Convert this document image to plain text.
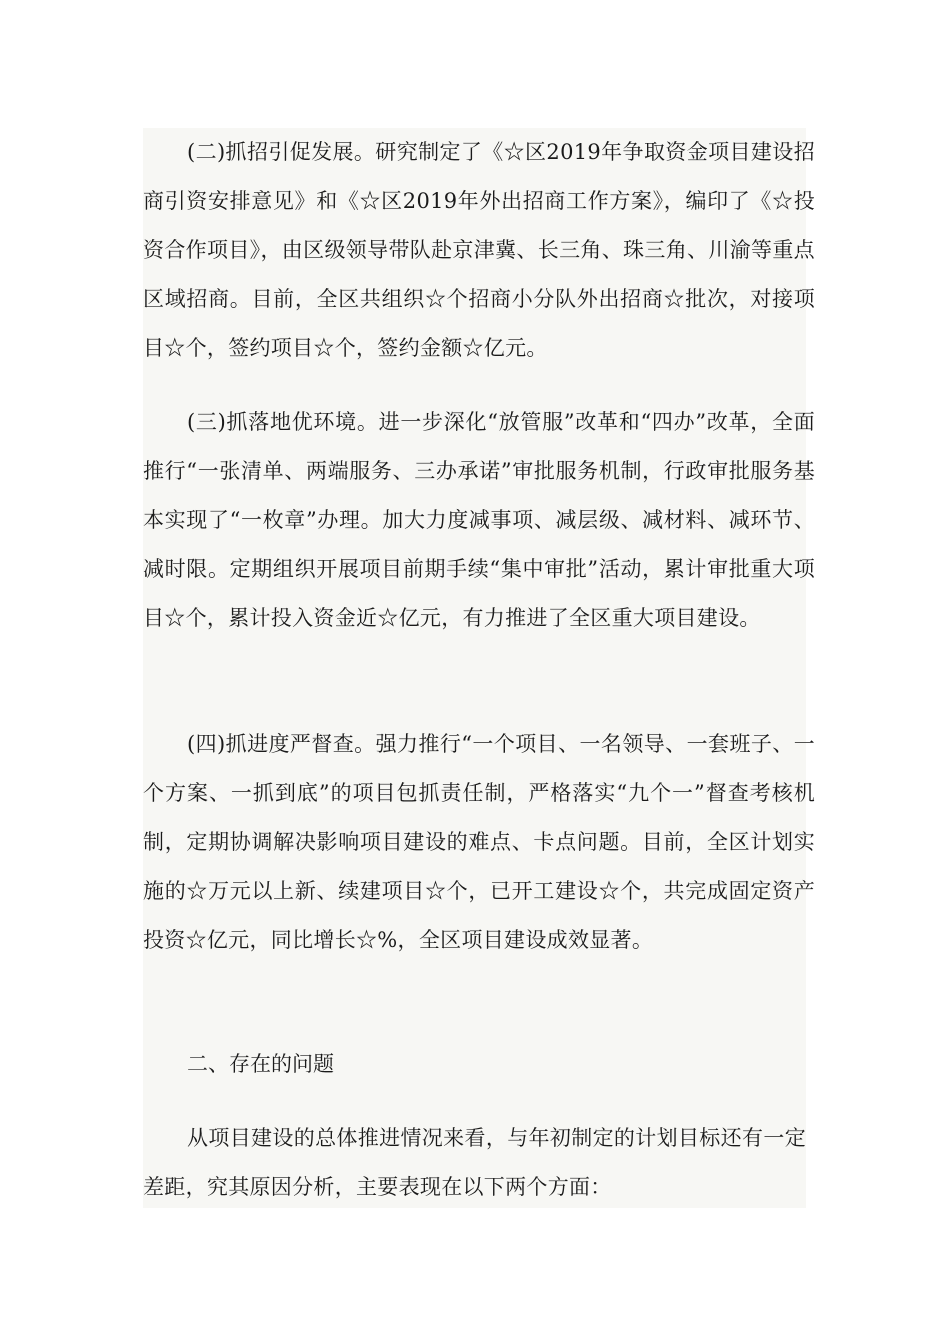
(二)抓招引促发展。研究制定了《☆区2019年争取资金项目建设招商引资安排意见》和《☆区2019年外出招商工作方案》，编印了《☆投资合作项目》，由区级领导带队赴京津冀、长三角、珠三角、川渝等重点区域招商。目前，全区共组织☆个招商小分队外出招商☆批次，对接项目☆个，签约项目☆个，签约金额☆亿元。

(三)抓落地优环境。进一步深化“放管服”改革和“四办”改革，全面推行“一张清单、两端服务、三办承诺”审批服务机制，行政审批服务基本实现了“一枚章”办理。加大力度减事项、减层级、减材料、减环节、减时限。定期组织开展项目前期手续“集中审批”活动，累计审批重大项目☆个，累计投入资金近☆亿元，有力推进了全区重大项目建设。

(四)抓进度严督查。强力推行“一个项目、一名领导、一套班子、一个方案、一抓到底”的项目包抓责任制，严格落实“九个一”督查考核机制，定期协调解决影响项目建设的难点、卡点问题。目前，全区计划实施的☆万元以上新、续建项目☆个，已开工建设☆个，共完成固定资产投资☆亿元，同比增长☆%，全区项目建设成效显著。

二、存在的问题

从项目建设的总体推进情况来看，与年初制定的计划目标还有一定差距，究其原因分析，主要表现在以下两个方面：
